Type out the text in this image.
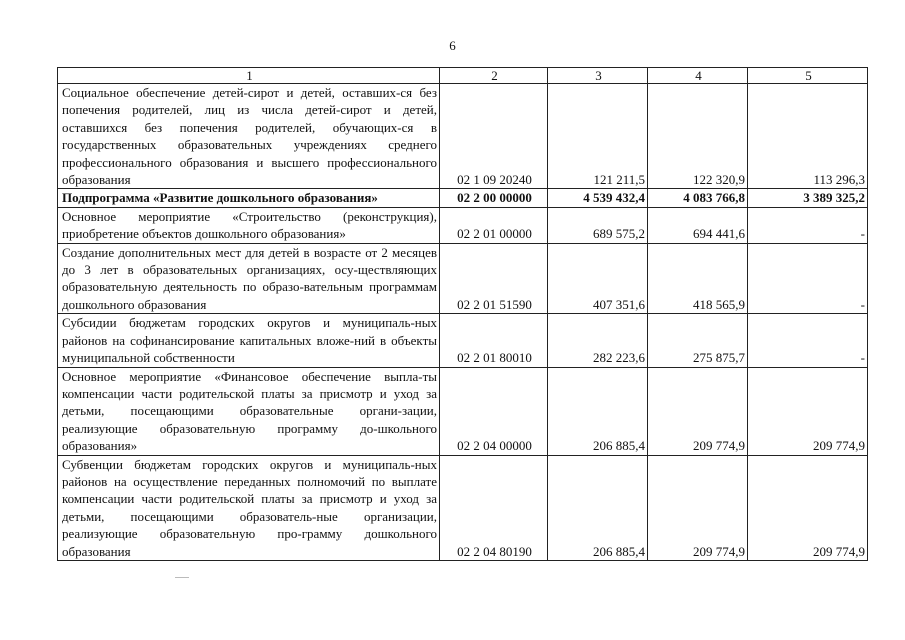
6
1	2	3	4	5
Социальное обеспечение детей-сирот и детей, оставших-ся без попечения родителей, лиц из числа детей-сирот и детей, оставшихся без попечения родителей, обучающих-ся в государственных образовательных учреждениях среднего профессионального образования и высшего профессионального образования	02 1 09 20240	121 211,5	122 320,9	113 296,3
Подпрограмма «Развитие дошкольного образования»	02 2 00 00000	4 539 432,4	4 083 766,8	3 389 325,2
Основное мероприятие «Строительство (реконструкция), приобретение объектов дошкольного образования»	02 2 01 00000	689 575,2	694 441,6	-
Создание дополнительных мест для детей в возрасте от 2 месяцев до 3 лет в образовательных организациях, осу-ществляющих образовательную деятельность по образо-вательным программам дошкольного образования	02 2 01 51590	407 351,6	418 565,9	-
Субсидии бюджетам городских округов и муниципаль-ных районов на софинансирование капитальных вложе-ний в объекты муниципальной собственности	02 2 01 80010	282 223,6	275 875,7	-
Основное мероприятие «Финансовое обеспечение выпла-ты компенсации части родительской платы за присмотр и уход за детьми, посещающими образовательные органи-зации, реализующие образовательную программу до-школьного образования»	02 2 04 00000	206 885,4	209 774,9	209 774,9
Субвенции бюджетам городских округов и муниципаль-ных районов на осуществление переданных полномочий по выплате компенсации части родительской платы за присмотр и уход за детьми, посещающими образователь-ные организации, реализующие образовательную про-грамму дошкольного образования	02 2 04 80190	206 885,4	209 774,9	209 774,9
